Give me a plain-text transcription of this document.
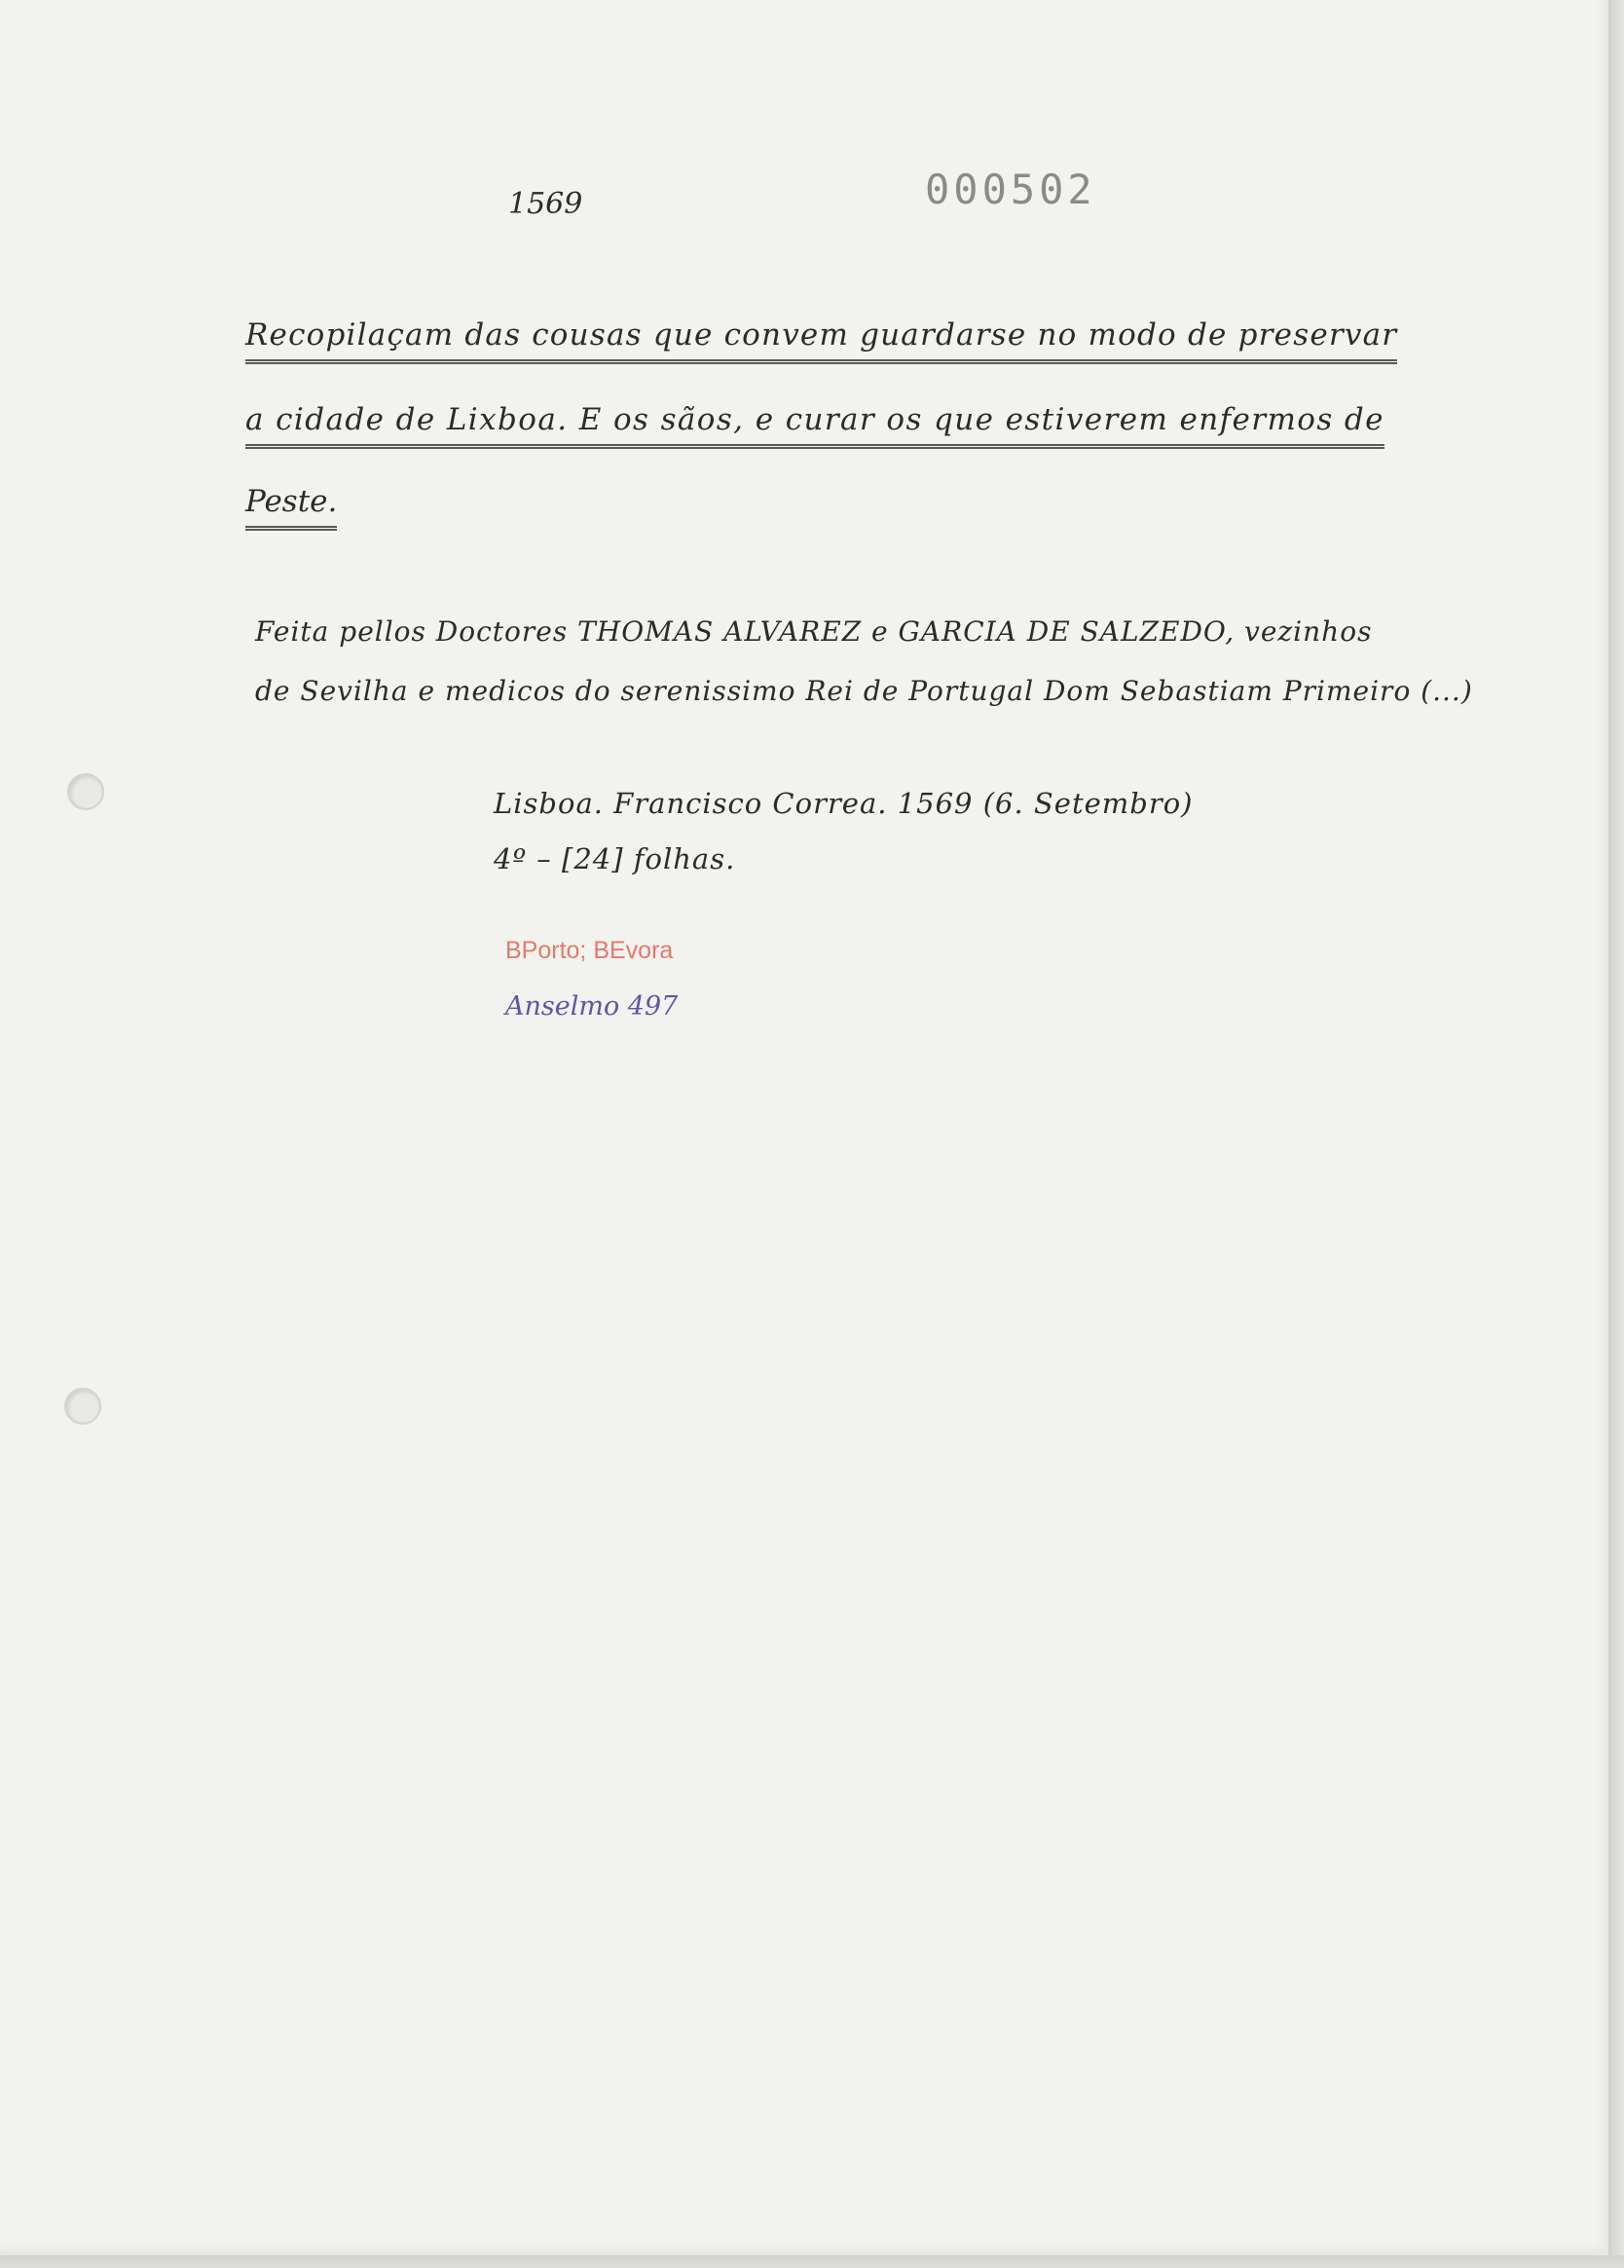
1569	000502
Recopilaçam das cousas que convem guardarse no modo de preservar
a cidade de Lixboa. E os sãos, e curar os que estiverem enfermos de
Peste.
Feita pellos Doctores THOMAS ALVAREZ e GARCIA DE SALZEDO, vezinhos
de Sevilha e medicos do serenissimo Rei de Portugal Dom Sebastiam Primeiro (...)
Lisboa. Francisco Correa. 1569 (6. Setembro)
4º – [24] folhas.
BPorto; BEvora
Anselmo 497
